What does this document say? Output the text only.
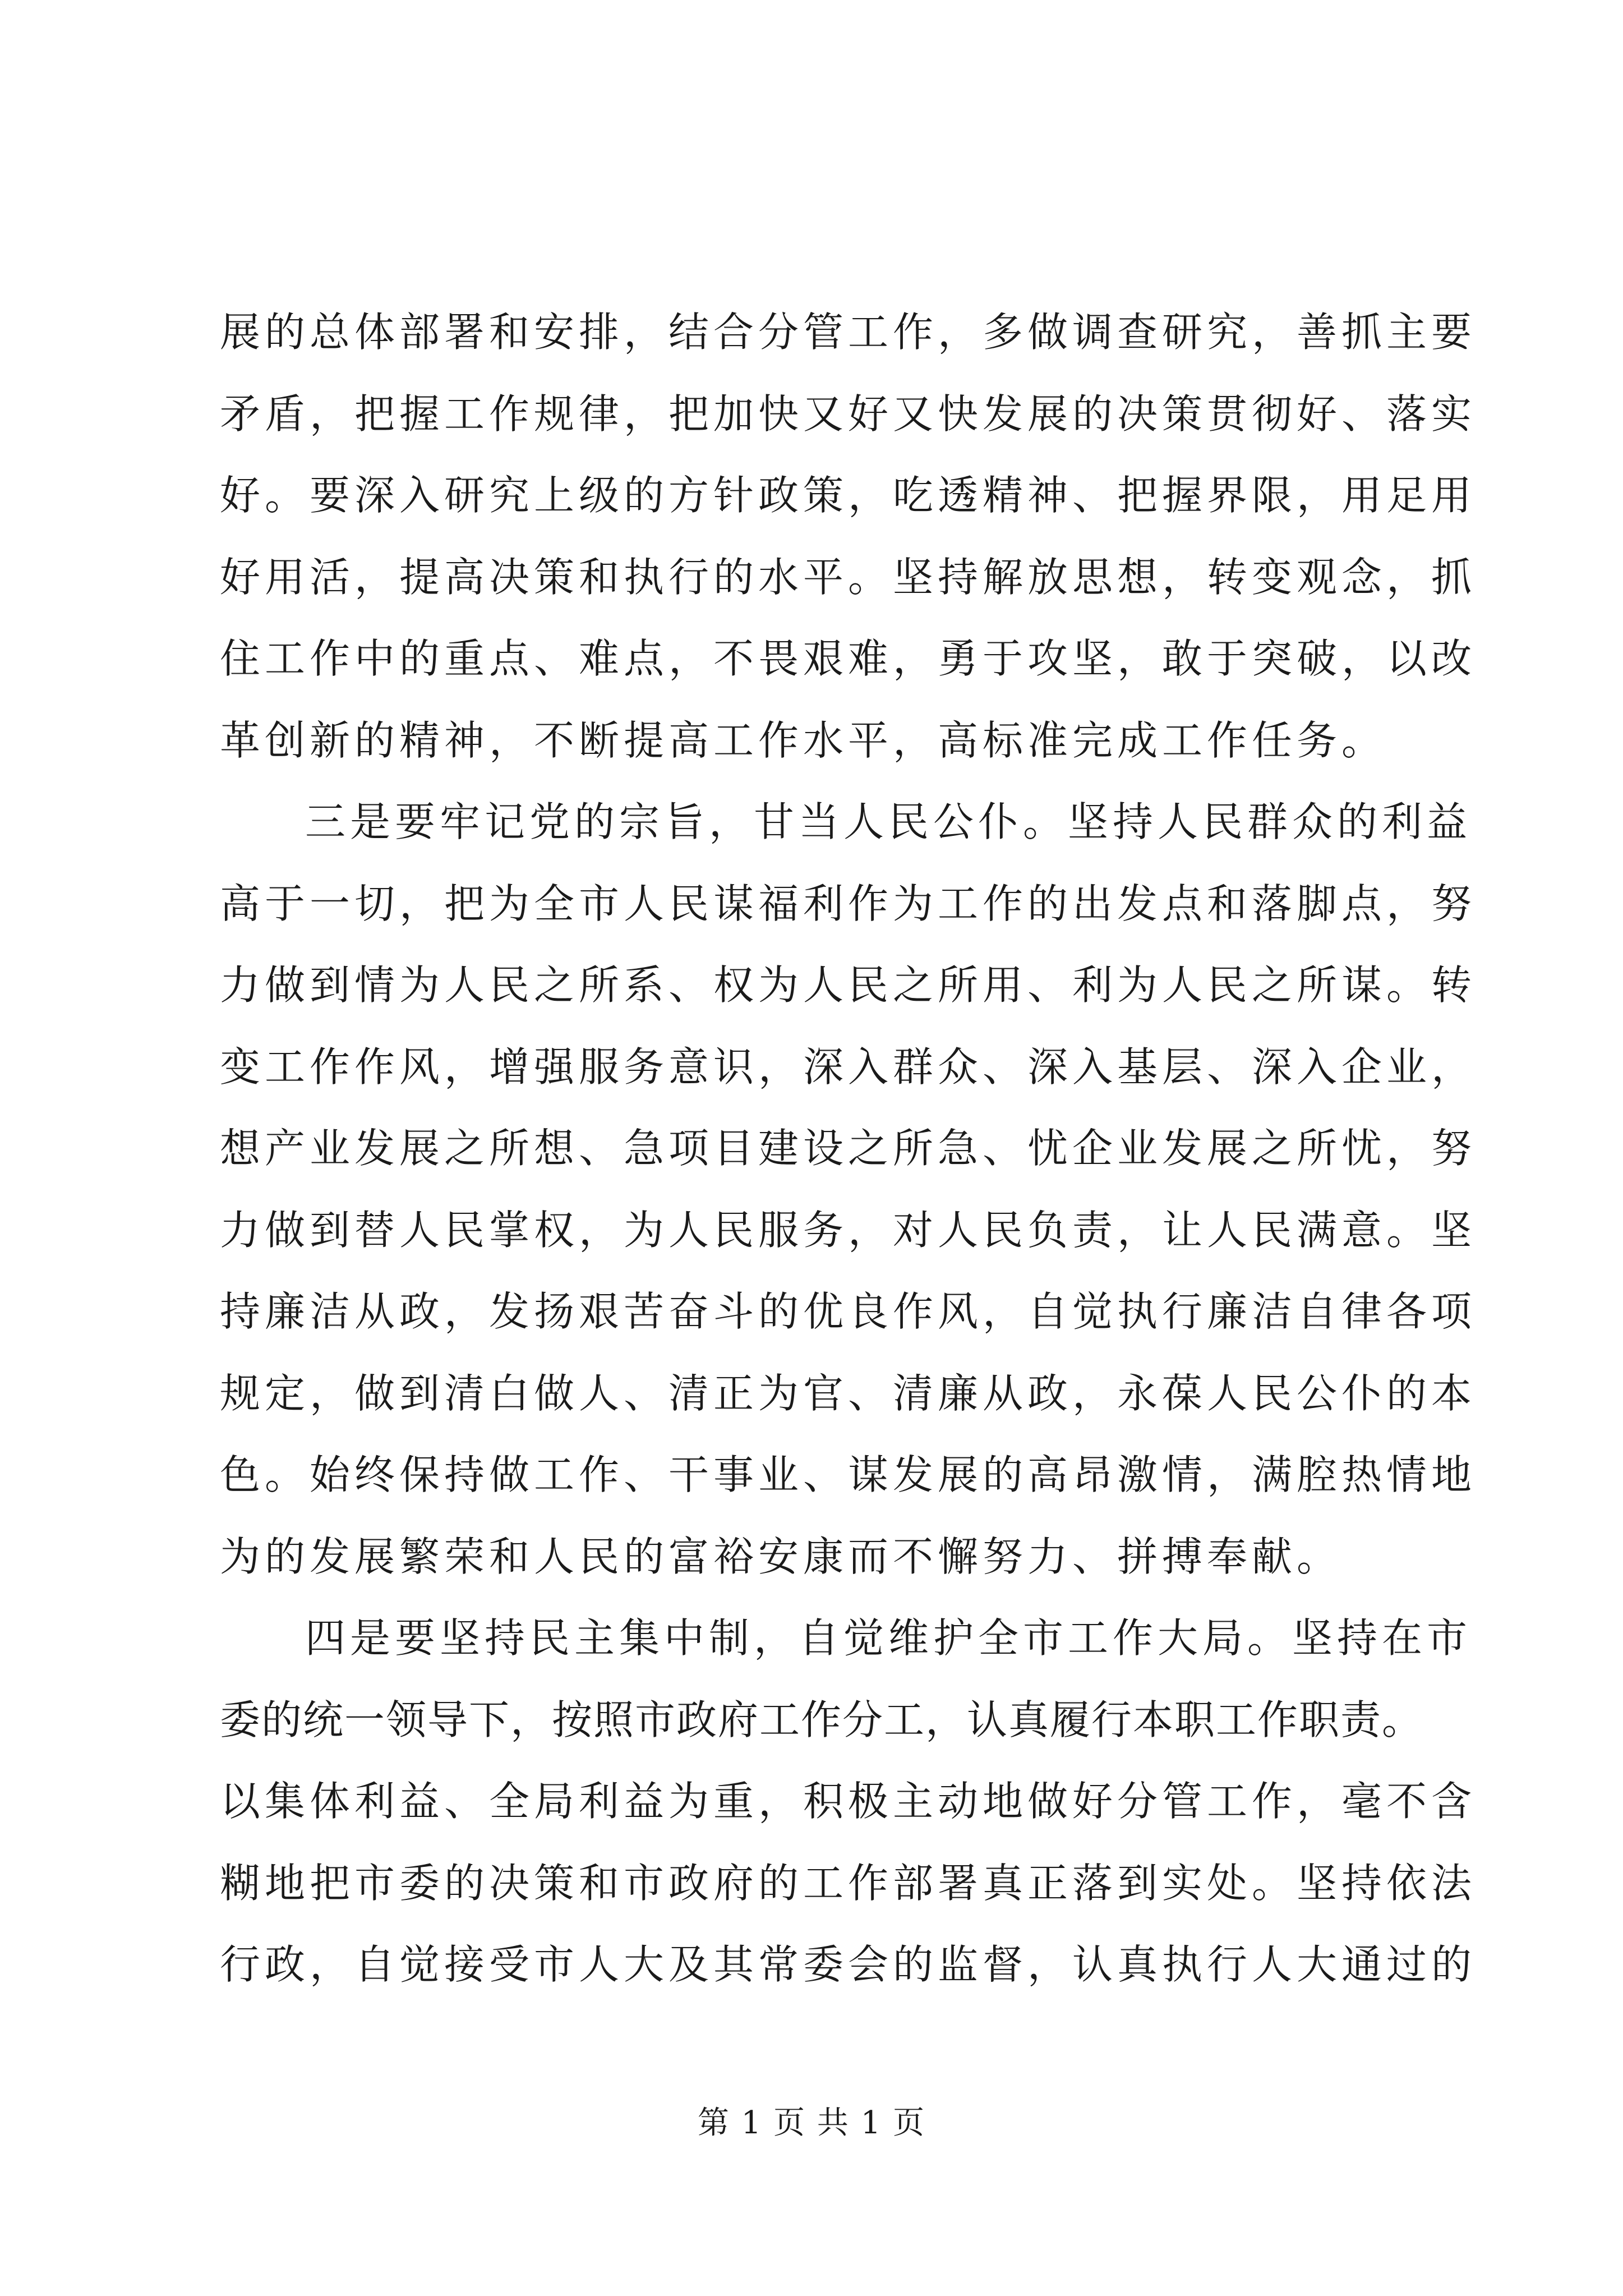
展的总体部署和安排，结合分管工作，多做调查研究，善抓主要
矛盾，把握工作规律，把加快又好又快发展的决策贯彻好、落实
好。要深入研究上级的方针政策，吃透精神、把握界限，用足用
好用活，提高决策和执行的水平。坚持解放思想，转变观念，抓
住工作中的重点、难点，不畏艰难，勇于攻坚，敢于突破，以改
革创新的精神，不断提高工作水平，高标准完成工作任务。
三是要牢记党的宗旨，甘当人民公仆。坚持人民群众的利益
高于一切，把为全市人民谋福利作为工作的出发点和落脚点，努
力做到情为人民之所系、权为人民之所用、利为人民之所谋。转
变工作作风，增强服务意识，深入群众、深入基层、深入企业，
想产业发展之所想、急项目建设之所急、忧企业发展之所忧，努
力做到替人民掌权，为人民服务，对人民负责，让人民满意。坚
持廉洁从政，发扬艰苦奋斗的优良作风，自觉执行廉洁自律各项
规定，做到清白做人、清正为官、清廉从政，永葆人民公仆的本
色。始终保持做工作、干事业、谋发展的高昂激情，满腔热情地
为的发展繁荣和人民的富裕安康而不懈努力、拼搏奉献。
四是要坚持民主集中制，自觉维护全市工作大局。坚持在市
委的统一领导下，按照市政府工作分工，认真履行本职工作职责。
以集体利益、全局利益为重，积极主动地做好分管工作，毫不含
糊地把市委的决策和市政府的工作部署真正落到实处。坚持依法
行政，自觉接受市人大及其常委会的监督，认真执行人大通过的
第 1 页 共 1 页
